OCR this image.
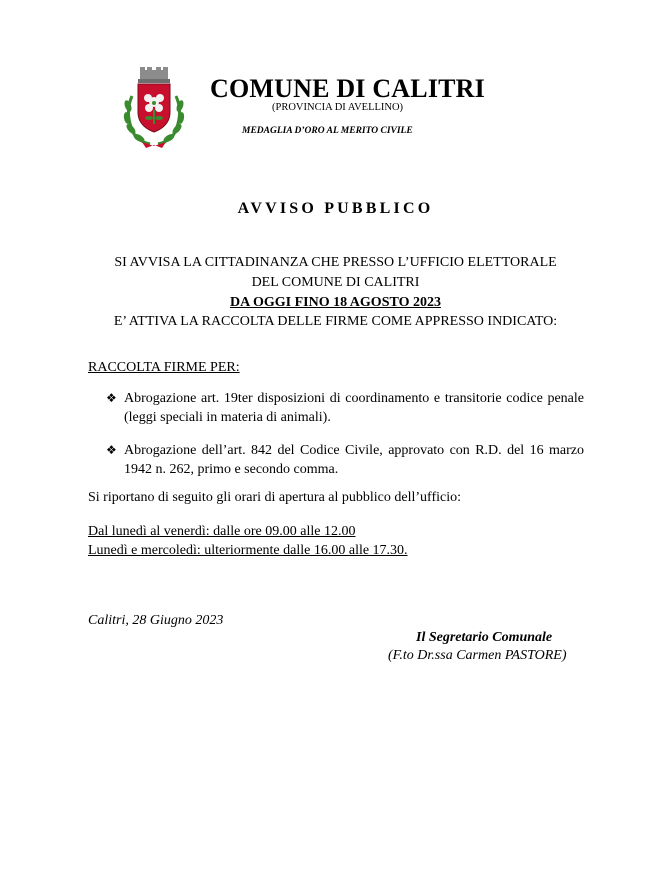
COMUNE DI CALITRI
(PROVINCIA DI AVELLINO)
MEDAGLIA D’ORO AL MERITO CIVILE
AVVISO PUBBLICO
SI AVVISA LA CITTADINANZA CHE PRESSO L’UFFICIO ELETTORALE
DEL COMUNE DI CALITRI
DA OGGI FINO 18 AGOSTO 2023
E’ ATTIVA LA RACCOLTA DELLE FIRME COME APPRESSO INDICATO:
RACCOLTA FIRME PER:
❖ Abrogazione art. 19ter disposizioni di coordinamento e transitorie codice penale (leggi speciali in materia di animali).
❖ Abrogazione dell’art. 842 del Codice Civile, approvato con R.D. del 16 marzo 1942 n. 262, primo e secondo comma.
Si riportano di seguito gli orari di apertura al pubblico dell’ufficio:
Dal lunedì al venerdì: dalle ore 09.00 alle 12.00
Lunedì e mercoledì: ulteriormente dalle 16.00 alle 17.30.
Calitri, 28 Giugno 2023
Il Segretario Comunale
(F.to Dr.ssa Carmen PASTORE)
